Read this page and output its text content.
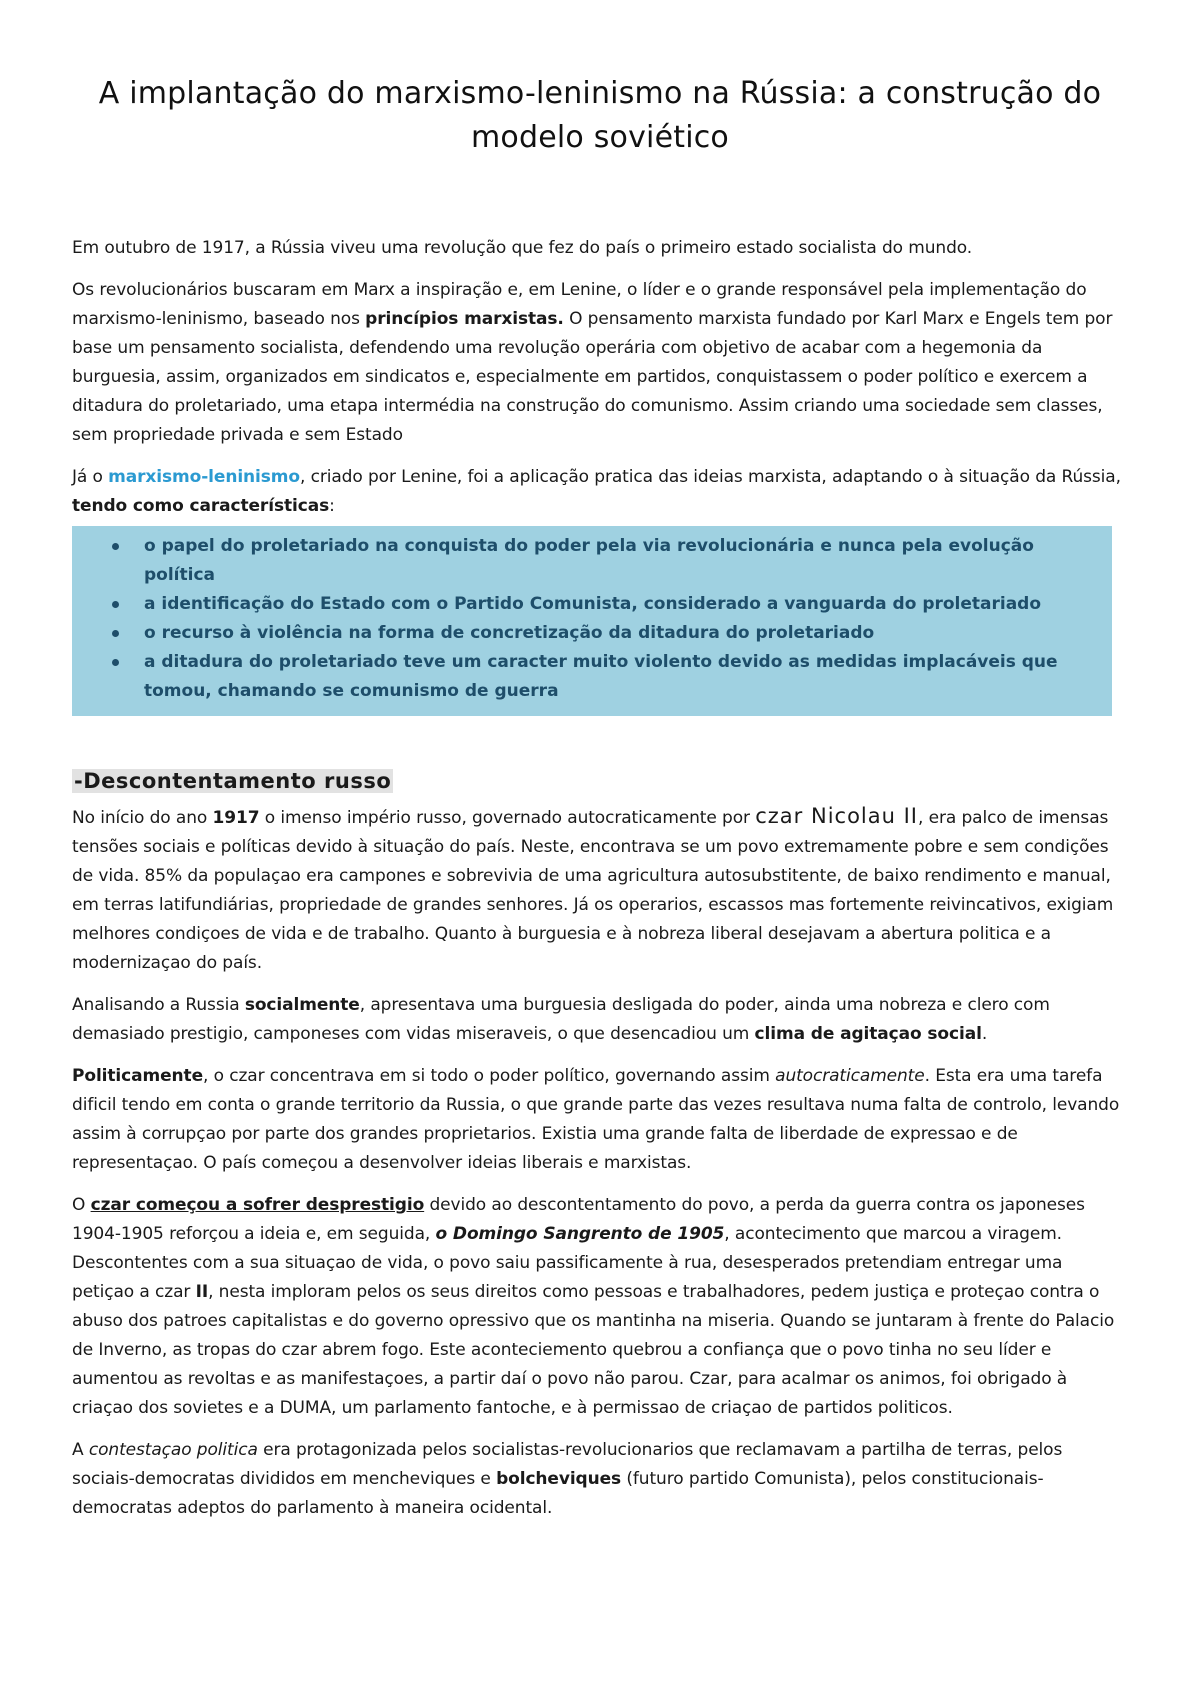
A implantação do marxismo-leninismo na Rússia: a construção do modelo soviético

Em outubro de 1917, a Rússia viveu uma revolução que fez do país o primeiro estado socialista do mundo.

Os revolucionários buscaram em Marx a inspiração e, em Lenine, o líder e o grande responsável pela implementação do marxismo-leninismo, baseado nos princípios marxistas. O pensamento marxista fundado por Karl Marx e Engels tem por base um pensamento socialista, defendendo uma revolução operária com objetivo de acabar com a hegemonia da burguesia, assim, organizados em sindicatos e, especialmente em partidos, conquistassem o poder político e exercem a ditadura do proletariado, uma etapa intermédia na construção do comunismo. Assim criando uma sociedade sem classes, sem propriedade privada e sem Estado

Já o marxismo-leninismo, criado por Lenine, foi a aplicação pratica das ideias marxista, adaptando o à situação da Rússia, tendo como características:

o papel do proletariado na conquista do poder pela via revolucionária e nunca pela evolução política
a identificação do Estado com o Partido Comunista, considerado a vanguarda do proletariado
o recurso à violência na forma de concretização da ditadura do proletariado
a ditadura do proletariado teve um caracter muito violento devido as medidas implacáveis que tomou, chamando se comunismo de guerra
-Descontentamento russo

No início do ano 1917 o imenso império russo, governado autocraticamente por czar Nicolau II, era palco de imensas tensões sociais e políticas devido à situação do país. Neste, encontrava se um povo extremamente pobre e sem condições de vida. 85% da populaçao era campones e sobrevivia de uma agricultura autosubstitente, de baixo rendimento e manual, em terras latifundiárias, propriedade de grandes senhores. Já os operarios, escassos mas fortemente reivincativos, exigiam melhores condiçoes de vida e de trabalho. Quanto à burguesia e à nobreza liberal desejavam a abertura politica e a modernizaçao do país.

Analisando a Russia socialmente, apresentava uma burguesia desligada do poder, ainda uma nobreza e clero com demasiado prestigio, camponeses com vidas miseraveis, o que desencadiou um clima de agitaçao social.

Politicamente, o czar concentrava em si todo o poder político, governando assim autocraticamente. Esta era uma tarefa dificil tendo em conta o grande territorio da Russia, o que grande parte das vezes resultava numa falta de controlo, levando assim à corrupçao por parte dos grandes proprietarios. Existia uma grande falta de liberdade de expressao e de representaçao. O país começou a desenvolver ideias liberais e marxistas.

O czar começou a sofrer desprestigio devido ao descontentamento do povo, a perda da guerra contra os japoneses 1904-1905 reforçou a ideia e, em seguida, o Domingo Sangrento de 1905, acontecimento que marcou a viragem. Descontentes com a sua situaçao de vida, o povo saiu passificamente à rua, desesperados pretendiam entregar uma petiçao a czar II, nesta imploram pelos os seus direitos como pessoas e trabalhadores, pedem justiça e proteçao contra o abuso dos patroes capitalistas e do governo opressivo que os mantinha na miseria. Quando se juntaram à frente do Palacio de Inverno, as tropas do czar abrem fogo. Este aconteciemento quebrou a confiança que o povo tinha no seu líder e aumentou as revoltas e as manifestaçoes, a partir daí o povo não parou. Czar, para acalmar os animos, foi obrigado à criaçao dos sovietes e a DUMA, um parlamento fantoche, e à permissao de criaçao de partidos politicos.

A contestaçao politica era protagonizada pelos socialistas-revolucionarios que reclamavam a partilha de terras, pelos sociais-democratas divididos em mencheviques e bolcheviques (futuro partido Comunista), pelos constitucionais-democratas adeptos do parlamento à maneira ocidental.
